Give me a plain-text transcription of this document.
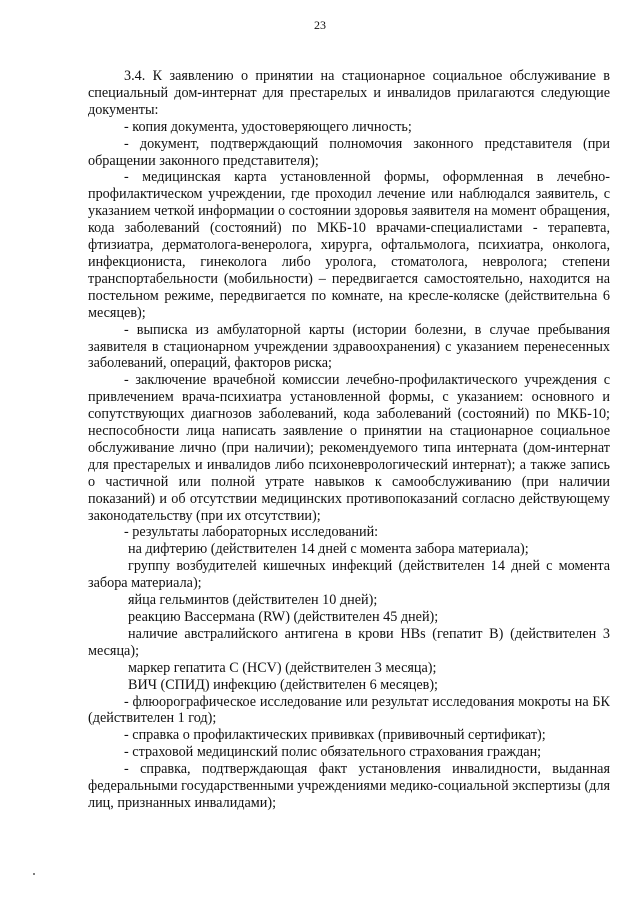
23

3.4. К заявлению о принятии на стационарное социальное обслуживание в специальный дом-интернат для престарелых и инвалидов прилагаются следующие документы:

- копия документа, удостоверяющего личность;

- документ, подтверждающий полномочия законного представителя (при обращении законного представителя);

- медицинская карта установленной формы, оформленная в лечебно-профилактическом учреждении, где проходил лечение или наблюдался заявитель, с указанием четкой информации о состоянии здоровья заявителя на момент обращения, кода заболеваний (состояний) по МКБ-10 врачами-специалистами - терапевта, фтизиатра, дерматолога-венеролога, хирурга, офтальмолога, психиатра, онколога, инфекциониста, гинеколога либо уролога, стоматолога, невролога; степени транспортабельности (мобильности) – передвигается самостоятельно, находится на постельном режиме, передвигается по комнате, на кресле-коляске (действительна 6 месяцев);

- выписка из амбулаторной карты (истории болезни, в случае пребывания заявителя в стационарном учреждении здравоохранения) с указанием перенесенных заболеваний, операций, факторов риска;

- заключение врачебной комиссии лечебно-профилактического учреждения с привлечением врача-психиатра установленной формы, с указанием: основного и сопутствующих диагнозов заболеваний, кода заболеваний (состояний) по МКБ-10; неспособности лица написать заявление о принятии на стационарное социальное обслуживание лично (при наличии); рекомендуемого типа интерната (дом-интернат для престарелых и инвалидов либо психоневрологический интернат); а также запись о частичной или полной утрате навыков к самообслуживанию (при наличии показаний) и об отсутствии медицинских противопоказаний согласно действующему законодательству (при их отсутствии);

- результаты лабораторных исследований:

на дифтерию (действителен 14 дней с момента забора материала);

группу возбудителей кишечных инфекций (действителен 14 дней с момента забора материала);

яйца гельминтов (действителен 10 дней);

реакцию Вассермана (RW) (действителен 45 дней);

наличие австралийского антигена в крови HBs (гепатит В) (действителен 3 месяца);

маркер гепатита С (HCV) (действителен 3 месяца);

ВИЧ (СПИД) инфекцию (действителен 6 месяцев);

- флюорографическое исследование или результат исследования мокроты на БК (действителен 1 год);

- справка о профилактических прививках (прививочный сертификат);

- страховой медицинский полис обязательного страхования граждан;

- справка, подтверждающая факт установления инвалидности, выданная федеральными государственными учреждениями медико-социальной экспертизы (для лиц, признанных инвалидами);
